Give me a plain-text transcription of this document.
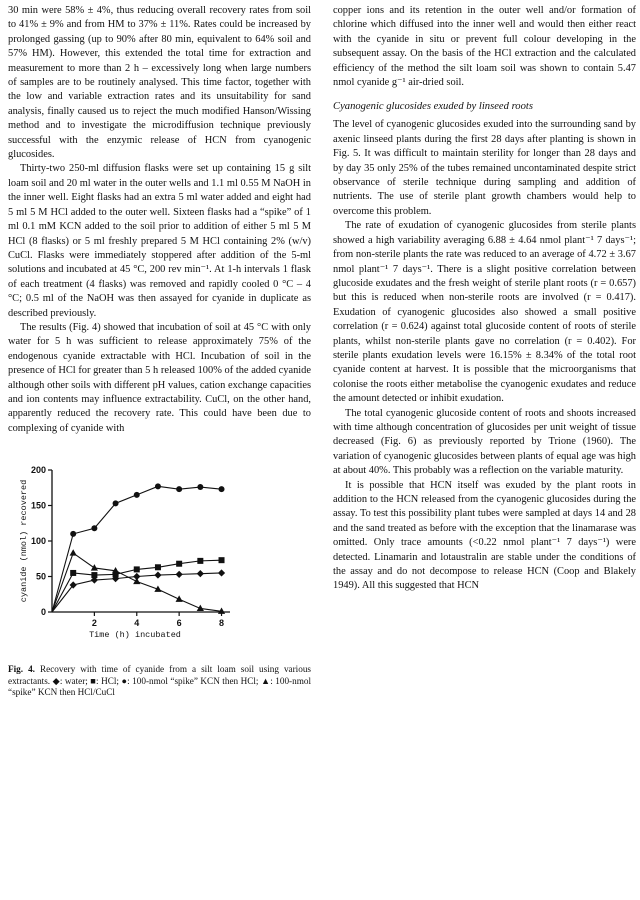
30 min were 58% ± 4%, thus reducing overall recovery rates from soil to 41% ± 9% and from HM to 37% ± 11%. Rates could be increased by prolonged gassing (up to 90% after 80 min, equivalent to 64% soil and 57% HM). However, this extended the total time for extraction and measurement to more than 2 h – excessively long when large numbers of samples are to be routinely analysed. This time factor, together with the low and variable extraction rates and its unsuitability for sand analysis, finally caused us to reject the much modified Hanson/Wissing method and to investigate the microdiffusion technique previously successful with the enzymic release of HCN from cyanogenic glucosides.

Thirty-two 250-ml diffusion flasks were set up containing 15 g silt loam soil and 20 ml water in the outer wells and 1.1 ml 0.55 M NaOH in the inner well. Eight flasks had an extra 5 ml water added and eight had 5 ml 5 M HCl added to the outer well. Sixteen flasks had a “spike” of 1 ml 0.1 mM KCN added to the soil prior to addition of either 5 ml 5 M HCl (8 flasks) or 5 ml freshly prepared 5 M HCl containing 2% (w/v) CuCl. Flasks were immediately stoppered after addition of the 5-ml solutions and incubated at 45 °C, 200 rev min⁻¹. At 1-h intervals 1 flask of each treatment (4 flasks) was removed and rapidly cooled 0 °C – 4 °C; 0.5 ml of the NaOH was then assayed for cyanide in duplicate as described previously.

The results (Fig. 4) showed that incubation of soil at 45 °C with only water for 5 h was sufficient to release approximately 75% of the endogenous cyanide extractable with HCl. Incubation of soil in the presence of HCl for greater than 5 h released 100% of the added cyanide although other soils with different pH values, cation exchange capacities and ion contents may influence extractability. CuCl, on the other hand, apparently reduced the recovery rate. This could have been due to complexing of cyanide with

0
50
100
150
200
2	4	6	8
Time (h) incubated
cyanide (nmol) recovered
Fig. 4. Recovery with time of cyanide from a silt loam soil using various extractants. ◆: water; ■: HCl; ●: 100-nmol “spike” KCN then HCl; ▲: 100-nmol “spike” KCN then HCl/CuCl

copper ions and its retention in the outer well and/or formation of chlorine which diffused into the inner well and would then either react with the cyanide in situ or prevent full colour developing in the subsequent assay. On the basis of the HCl extraction and the calculated efficiency of the method the silt loam soil was shown to contain 5.47 nmol cyanide g⁻¹ air-dried soil.

Cyanogenic glucosides exuded by linseed roots

The level of cyanogenic glucosides exuded into the surrounding sand by axenic linseed plants during the first 28 days after planting is shown in Fig. 5. It was difficult to maintain sterility for longer than 28 days and by day 35 only 25% of the tubes remained uncontaminated despite strict observance of sterile technique during sampling and addition of nutrients. The use of sterile plant growth chambers would help to overcome this problem.

The rate of exudation of cyanogenic glucosides from sterile plants showed a high variability averaging 6.88 ± 4.64 nmol plant⁻¹ 7 days⁻¹; from non-sterile plants the rate was reduced to an average of 4.72 ± 3.67 nmol plant⁻¹ 7 days⁻¹. There is a slight positive correlation between glucoside exudates and the fresh weight of sterile plant roots (r = 0.657) but this is reduced when non-sterile roots are involved (r = 0.417). Exudation of cyanogenic glucosides also showed a small positive correlation (r = 0.624) against total glucoside content of roots of sterile plants, whilst non-sterile plants gave no correlation (r = 0.402). For sterile plants exudation levels were 16.15% ± 8.34% of the total root cyanide content at harvest. It is possible that the microorganisms that colonise the roots either metabolise the cyanogenic exudates and reduce the amount detected or inhibit exudation.

The total cyanogenic glucoside content of roots and shoots increased with time although concentration of glucosides per unit weight of tissue decreased (Fig. 6) as previously reported by Trione (1960). The variation of cyanogenic glucosides between plants of equal age was high at about 40%. This probably was a reflection on the variable maturity.

It is possible that HCN itself was exuded by the plant roots in addition to the HCN released from the cyanogenic glucosides during the assay. To test this possibility plant tubes were sampled at days 14 and 28 and the sand treated as before with the exception that the linamarase was omitted. Only trace amounts (<0.22 nmol plant⁻¹ 7 days⁻¹) were detected. Linamarin and lotaustralin are stable under the conditions of the assay and do not decompose to release HCN (Coop and Blakely 1949). All this suggested that HCN
